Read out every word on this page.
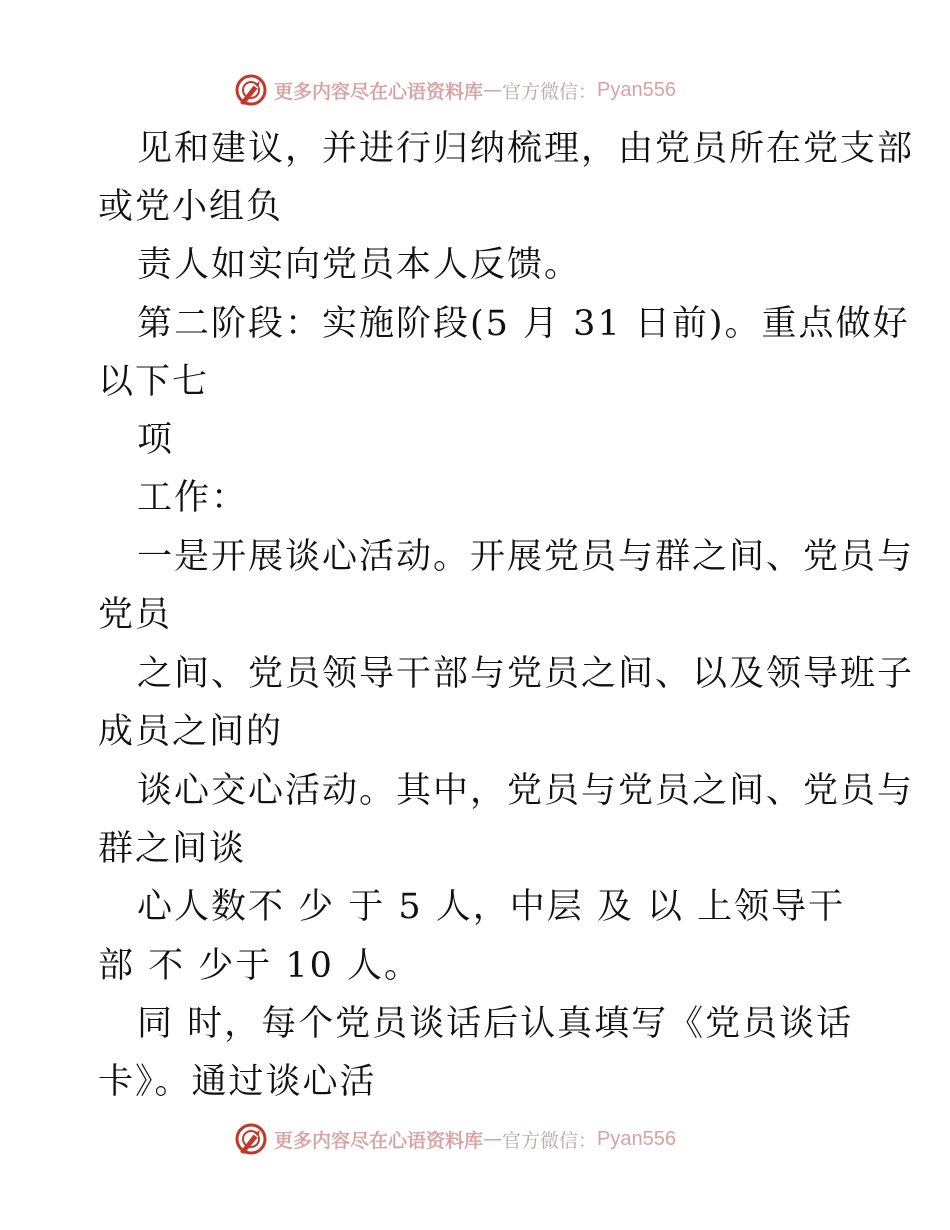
更多内容尽在心语资料库 — 官方微信： Pyan556

见和建议，并进行归纳梳理，由党员所在党支部

或党小组负

责人如实向党员本人反馈。

第二阶段：实施阶段(5 月 31 日前)。重点做好

以下七

项

工作：

一是开展谈心活动。开展党员与群之间、党员与

党员

之间、党员领导干部与党员之间、以及领导班子

成员之间的

谈心交心活动。其中，党员与党员之间、党员与

群之间谈

心人数不 少 于 5 人，中层 及 以 上领导干

部 不 少于 10 人。

同 时，每个党员谈话后认真填写《党员谈话

卡》。通过谈心活

更多内容尽在心语资料库 — 官方微信： Pyan556
